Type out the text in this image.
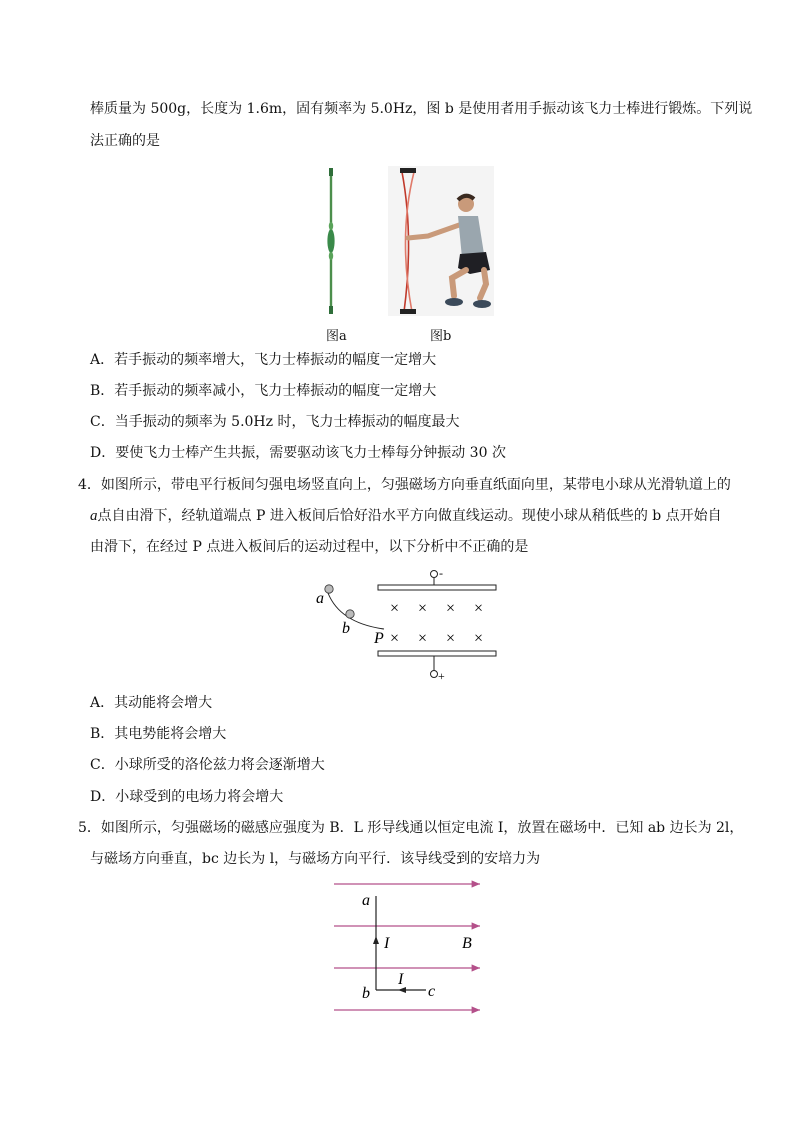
棒质量为 500g，长度为 1.6m，固有频率为 5.0Hz，图 b 是使用者用手振动该飞力士棒进行锻炼。下列说
法正确的是
图a	图b
A．若手振动的频率增大，飞力士棒振动的幅度一定增大
B．若手振动的频率减小，飞力士棒振动的幅度一定增大
C．当手振动的频率为 5.0Hz 时，飞力士棒振动的幅度最大
D．要使飞力士棒产生共振，需要驱动该飞力士棒每分钟振动 30 次
4．如图所示，带电平行板间匀强电场竖直向上，匀强磁场方向垂直纸面向里，某带电小球从光滑轨道上的
a点自由滑下，经轨道端点 P 进入板间后恰好沿水平方向做直线运动。现使小球从稍低些的 b 点开始自
由滑下，在经过 P 点进入板间后的运动过程中，以下分析中不正确的是
-
× × × ×
× × × ×
+
a
b
P
A．其动能将会增大
B．其电势能将会增大
C．小球所受的洛伦兹力将会逐渐增大
D．小球受到的电场力将会增大
5．如图所示，匀强磁场的磁感应强度为 B．L 形导线通以恒定电流 I，放置在磁场中．已知 ab 边长为 2l，
与磁场方向垂直，bc 边长为 l，与磁场方向平行．该导线受到的安培力为
a
I	B
I
b	c
